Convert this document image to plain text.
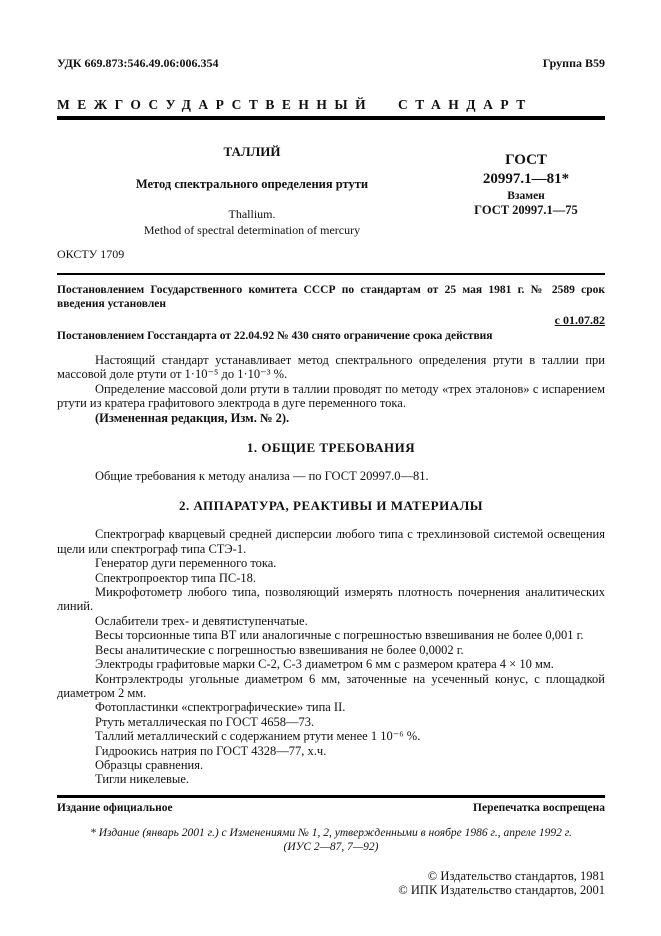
УДК 669.873:546.49.06:006.354	Группа В59
МЕЖГОСУДАРСТВЕННЫЙ СТАНДАРТ
ТАЛЛИЙ
Метод спектрального определения ртути
Thallium.
Method of spectral determination of mercury
ГОСТ
20997.1—81*
Взамен
ГОСТ 20997.1—75
ОКСТУ 1709

Постановлением Государственного комитета СССР по стандартам от 25 мая 1981 г. № 2589 срок введения установлен

с 01.07.82

Постановлением Госстандарта от 22.04.92 № 430 снято ограничение срока действия

Настоящий стандарт устанавливает метод спектрального определения ртути в таллии при массовой доле ртути от 1·10⁻⁵ до 1·10⁻³ %.

Определение массовой доли ртути в таллии проводят по методу «трех эталонов» с испарением ртути из кратера графитового электрода в дуге переменного тока.

(Измененная редакция, Изм. № 2).

1. ОБЩИЕ ТРЕБОВАНИЯ

Общие требования к методу анализа — по ГОСТ 20997.0—81.

2. АППАРАТУРА, РЕАКТИВЫ И МАТЕРИАЛЫ

Спектрограф кварцевый средней дисперсии любого типа с трехлинзовой системой освещения щели или спектрограф типа СТЭ-1.

Генератор дуги переменного тока.

Спектропроектор типа ПС-18.

Микрофотометр любого типа, позволяющий измерять плотность почернения аналитических линий.

Ослабители трех- и девятиступенчатые.

Весы торсионные типа ВТ или аналогичные с погрешностью взвешивания не более 0,001 г.

Весы аналитические с погрешностью взвешивания не более 0,0002 г.

Электроды графитовые марки С-2, С-3 диаметром 6 мм с размером кратера 4 × 10 мм.

Контрэлектроды угольные диаметром 6 мм, заточенные на усеченный конус, с площадкой диаметром 2 мм.

Фотопластинки «спектрографические» типа II.

Ртуть металлическая по ГОСТ 4658—73.

Таллий металлический с содержанием ртути менее 1 10⁻⁶ %.

Гидроокись натрия по ГОСТ 4328—77, х.ч.

Образцы сравнения.

Тигли никелевые.

Издание официальное	Перепечатка воспрещена
* Издание (январь 2001 г.) с Изменениями № 1, 2, утвержденными в ноябре 1986 г., апреле 1992 г.
(ИУС 2—87, 7—92)
© Издательство стандартов, 1981
© ИПК Издательство стандартов, 2001
